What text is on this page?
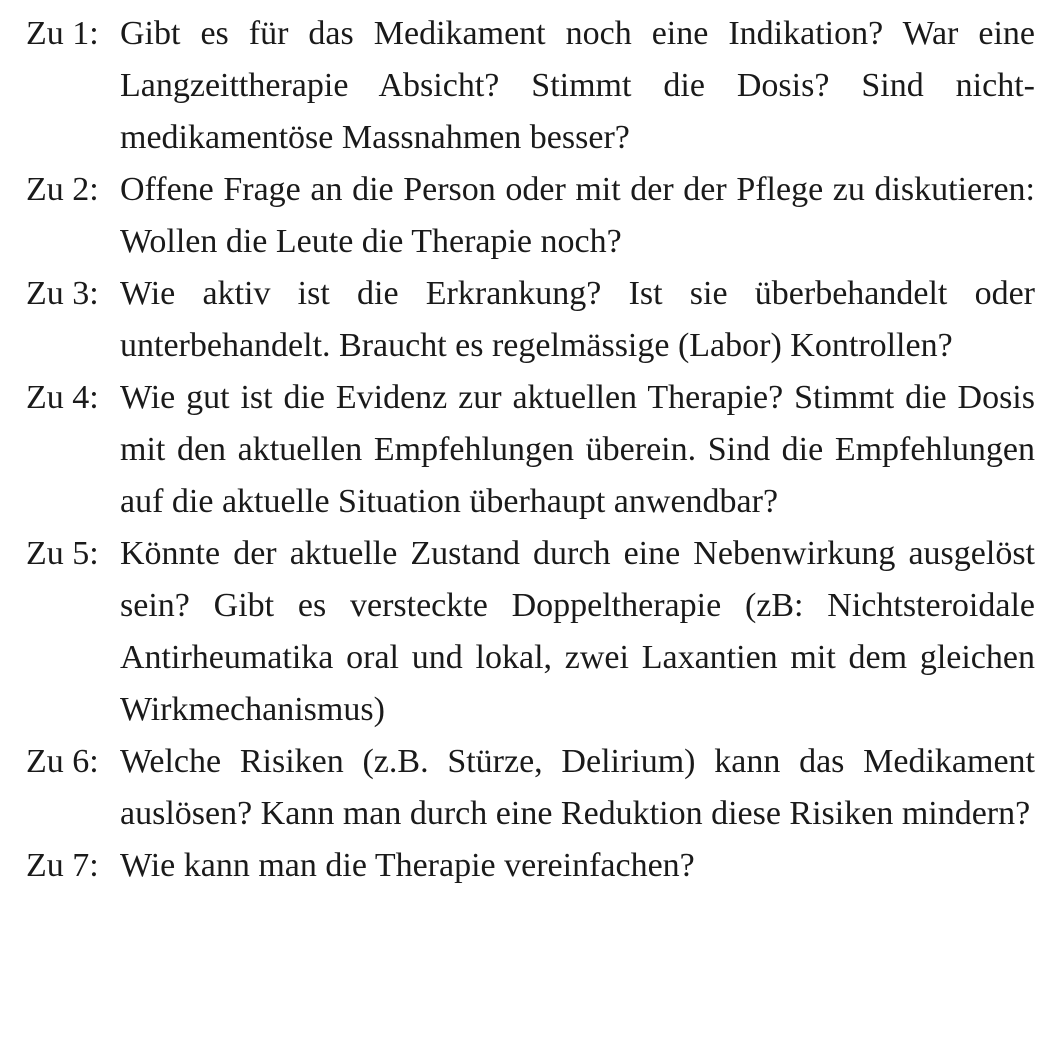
Zu 1: Gibt es für das Medikament noch eine Indikation? War eine Langzeittherapie Absicht? Stimmt die Dosis? Sind nichtmedikamentöse Massnahmen besser?
Zu 2: Offene Frage an die Person oder mit der der Pflege zu diskutieren: Wollen die Leute die Therapie noch?
Zu 3: Wie aktiv ist die Erkrankung? Ist sie überbehandelt oder unterbehandelt. Braucht es regelmässige (Labor) Kontrollen?
Zu 4: Wie gut ist die Evidenz zur aktuellen Therapie? Stimmt die Dosis mit den aktuellen Empfehlungen überein. Sind die Empfehlungen auf die aktuelle Situation überhaupt anwendbar?
Zu 5: Könnte der aktuelle Zustand durch eine Nebenwirkung ausgelöst sein? Gibt es versteckte Doppeltherapie (zB: Nichtsteroidale Antirheumatika oral und lokal, zwei Laxantien mit dem gleichen Wirkmechanismus)
Zu 6: Welche Risiken (z.B. Stürze, Delirium) kann das Medikament auslösen? Kann man durch eine Reduktion diese Risiken mindern?
Zu 7: Wie kann man die Therapie vereinfachen?
